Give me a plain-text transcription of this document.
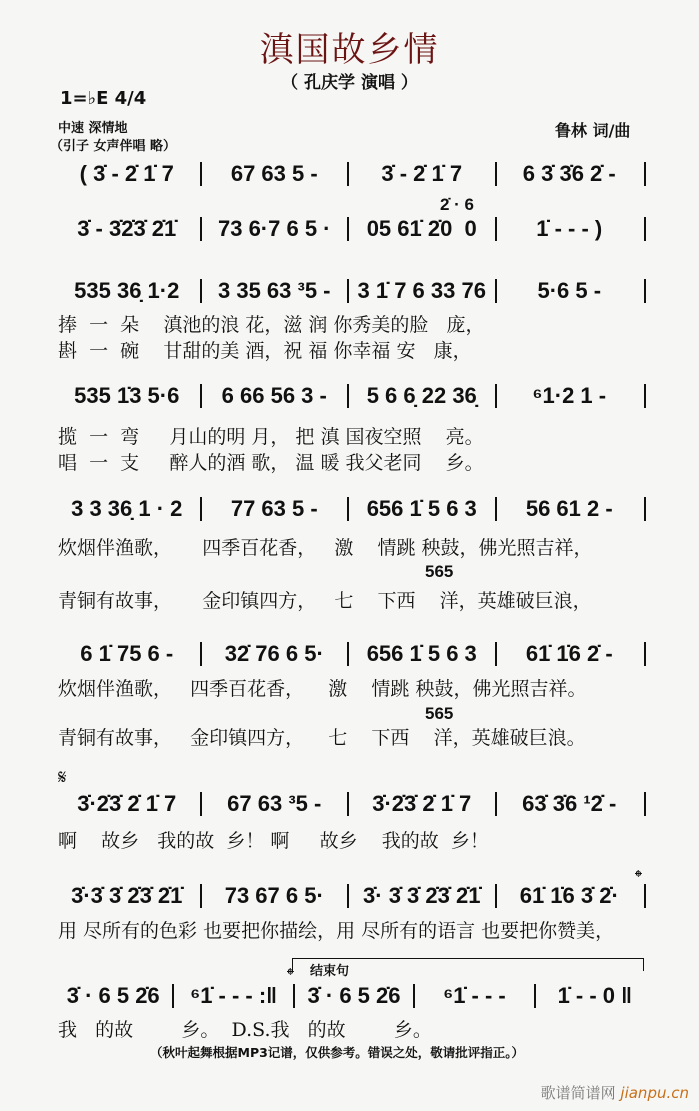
滇国故乡情
（ 孔庆学 演唱 ）
1=♭E 4/4
中速 深情地
（引子 女声伴唱 略）
鲁林 词/曲
( 3̇ - 2̇ 1̇ 7	67 63 5 -	3̇ - 2̇ 1̇ 7	6 3̇ 3̇6 2̇ -
3̇ - 3̇2̇3̇ 2̇1̇	73 6·7 6 5 ·	05 61̇ 2̇0  0	1̇ - - - )
2̇ · 6
535 36̣ 1·2	3 35 63 ³5 -	3 1̇ 7 6 33 76	5·6 5 -
捧  一  朵    滇池的浪 花，滋 润 你秀美的脸   庞，
斟  一  碗    甘甜的美 酒，祝 福 你幸福 安   康，
535 1̇3 5·6	6 66 56 3 -	5 6 6̣ 22 36̣	⁶1·2 1 -
揽  一  弯     月山的明 月， 把 滇 国夜空照    亮。
唱  一  支     醉人的酒 歌， 温 暖 我父老同    乡。
3 3 36̣ 1 · 2	77 63 5 -	656 1̇ 5 6 3	56 61 2 -
炊烟伴渔歌，     四季百花香，   激    情跳 秧鼓，佛光照吉祥，
青铜有故事，     金印镇四方，   七    下西    洋，英雄破巨浪，
565
6 1̇ 75 6 -	32̇ 76 6 5·	656 1̇ 5 6 3	61̇ 1̇6 2̇ -
炊烟伴渔歌，   四季百花香，    激    情跳 秧鼓，佛光照吉祥。
青铜有故事，   金印镇四方，    七    下西    洋，英雄破巨浪。
565
3̇·2̇3̇ 2̇ 1̇ 7	67 63 ³5 -	3̇·2̇3̇ 2̇ 1̇ 7	63̇ 3̇6 ¹2̇ -
啊    故乡   我的故  乡！ 啊     故乡    我的故  乡！
𝄋
3̇·3̇ 3̇ 2̇3̇ 2̇1̇	73 67 6 5·	3̇· 3̇ 3̇ 2̇3̇ 2̇1̇	61̇ 1̇6 3̇ 2̇·
用 尽所有的色彩 也要把你描绘，用 尽所有的语言 也要把你赞美，
𝄌
3̇ · 6 5 2̇6	⁶1̇ - - - :‖	3̇ · 6 5 2̇6	⁶1̇ - - -	1̇ - - 0 ‖
我   的故        乡。  D.S.我   的故        乡。
𝄌 结束句
（秋叶起舞根据MP3记谱，仅供参考。错误之处，敬请批评指正。）
歌谱简谱网 jianpu.cn
